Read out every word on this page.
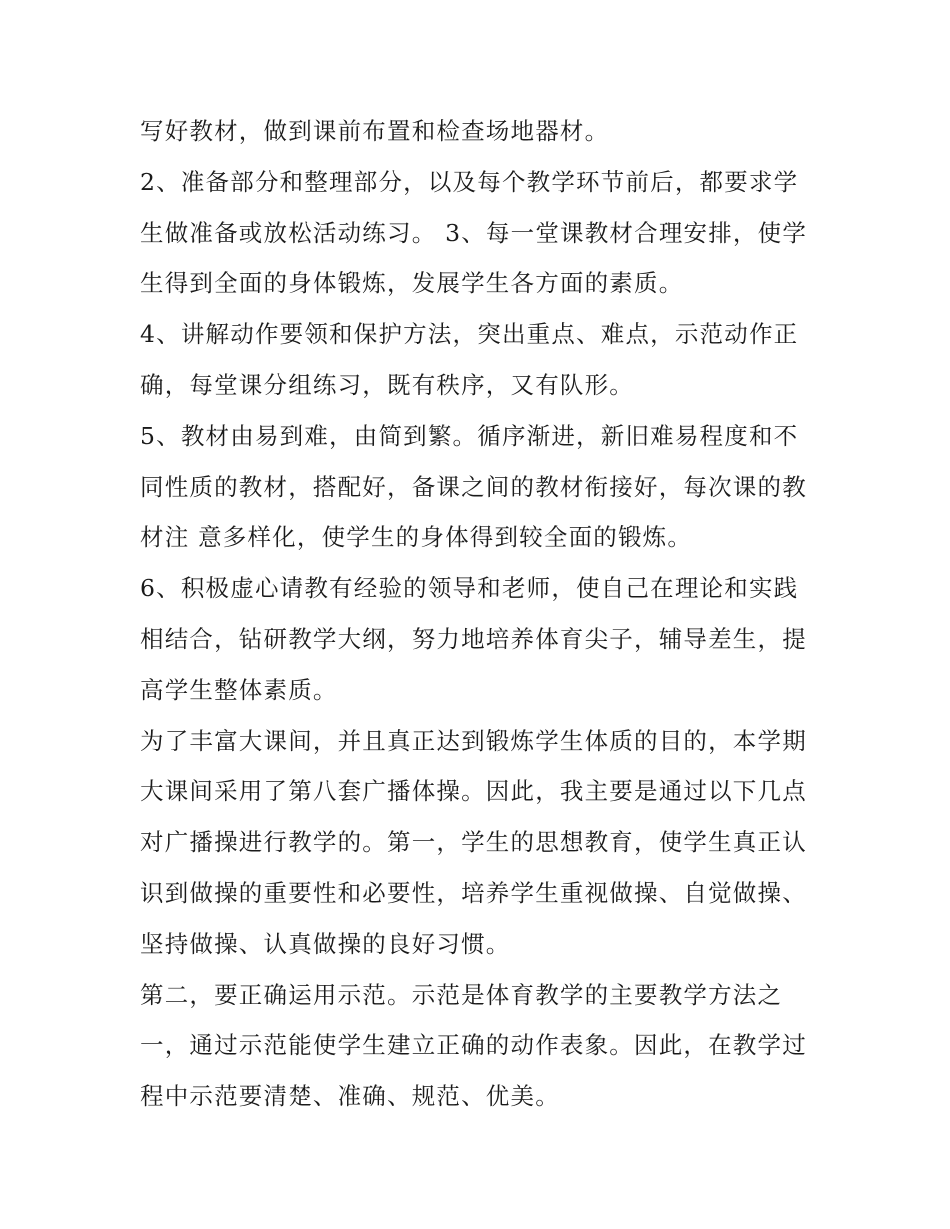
写好教材，做到课前布置和检查场地器材。
2、准备部分和整理部分，以及每个教学环节前后，都要求学
生做准备或放松活动练习。 3、每一堂课教材合理安排，使学
生得到全面的身体锻炼，发展学生各方面的素质。
4、讲解动作要领和保护方法，突出重点、难点，示范动作正
确，每堂课分组练习，既有秩序，又有队形。
5、教材由易到难，由简到繁。循序渐进，新旧难易程度和不
同性质的教材，搭配好，备课之间的教材衔接好，每次课的教
材注 意多样化，使学生的身体得到较全面的锻炼。
6、积极虚心请教有经验的领导和老师，使自己在理论和实践
相结合，钻研教学大纲，努力地培养体育尖子，辅导差生，提
高学生整体素质。
为了丰富大课间，并且真正达到锻炼学生体质的目的，本学期
大课间采用了第八套广播体操。因此，我主要是通过以下几点
对广播操进行教学的。第一，学生的思想教育，使学生真正认
识到做操的重要性和必要性，培养学生重视做操、自觉做操、
坚持做操、认真做操的良好习惯。
第二，要正确运用示范。示范是体育教学的主要教学方法之
一，通过示范能使学生建立正确的动作表象。因此，在教学过
程中示范要清楚、准确、规范、优美。
